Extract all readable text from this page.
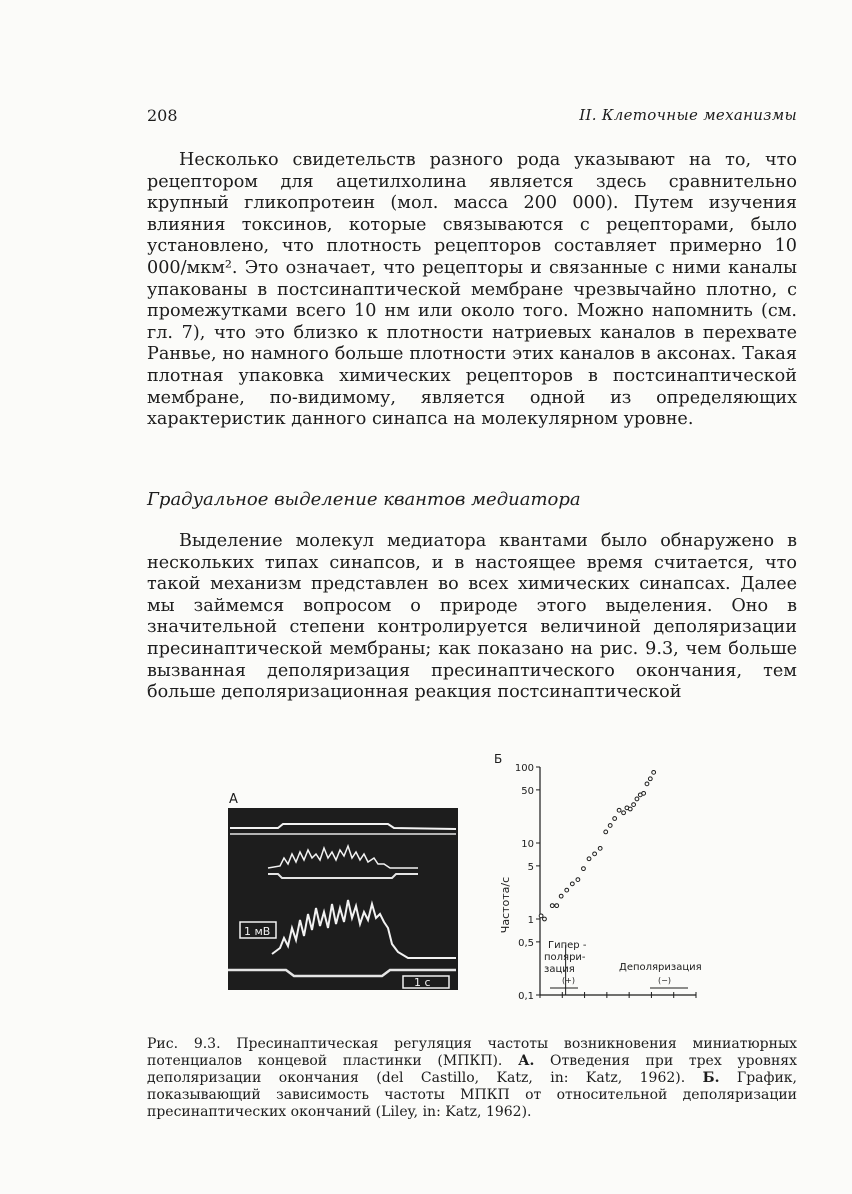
208	II. Клеточные механизмы

Несколько свидетельств разного рода указывают на то, что рецептором для ацетилхолина является здесь сравнительно крупный гликопротеин (мол. масса 200 000). Путем изучения влияния токсинов, которые связываются с рецепторами, было установлено, что плотность рецепторов составляет примерно 10 000/мкм². Это означает, что рецепторы и связанные с ними каналы упакованы в постсинаптической мембране чрезвычайно плотно, с промежутками всего 10 нм или около того. Можно напомнить (см. гл. 7), что это близко к плотности натриевых каналов в перехвате Ранвье, но намного больше плотности этих каналов в аксонах. Такая плотная упаковка химических рецепторов в постсинаптической мембране, по-видимому, является одной из определяющих характеристик данного синапса на молекулярном уровне.

Градуальное выделение квантов медиатора

Выделение молекул медиатора квантами было обнаружено в нескольких типах синапсов, и в настоящее время считается, что такой механизм представлен во всех химических синапсах. Далее мы займемся вопросом о природе этого выделения. Оно в значительной степени контролируется величиной деполяризации пресинаптической мембраны; как показано на рис. 9.3, чем больше вызванная деполяризация пресинаптического окончания, тем больше деполяризационная реакция постсинаптической

А
1 мВ
1 с
Б
Частота/с
100
50
10
5
1
0,5
0,1
Гипер - поляри- зация
(+)
Деполяризация
(−)

Рис. 9.3. Пресинаптическая регуляция частоты возникновения миниатюрных потенциалов концевой пластинки (МПКП). А. Отведения при трех уровнях деполяризации окончания (del Castillo, Katz, in: Katz, 1962). Б. График, показывающий зависимость частоты МПКП от относительной деполяризации пресинаптических окончаний (Liley, in: Katz, 1962).
